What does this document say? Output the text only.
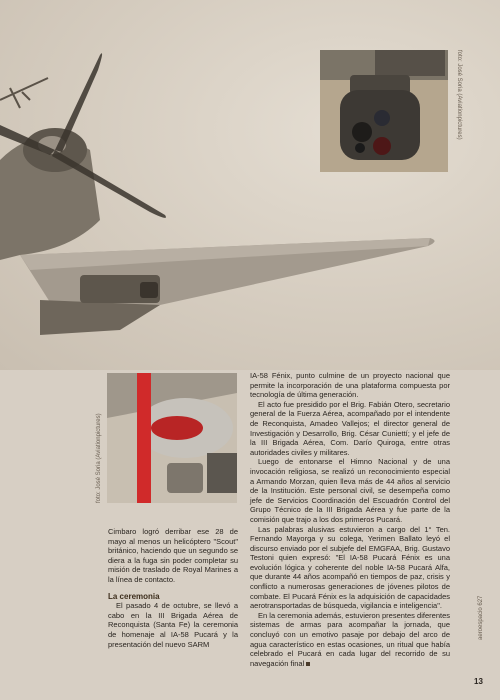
foto: José Soria (Aviationpictures)
foto: José Soria (Aviationpictures)

Cimbaro logró derribar ese 28 de mayo al menos un helicóptero "Scout" británico, haciendo que un segundo se diera a la fuga sin poder completar su misión de traslado de Royal Marines a la línea de contacto.

La ceremonia

El pasado 4 de octubre, se llevó a cabo en la III Brigada Aérea de Reconquista (Santa Fe) la ceremonia de homenaje al IA-58 Pucará y la presentación del nuevo SARM

IA-58 Fénix, punto culmine de un proyecto nacional que permite la incorporación de una plataforma compuesta por tecnología de última generación.

El acto fue presidido por el Brig. Fabián Otero, secretario general de la Fuerza Aérea, acompañado por el intendente de Reconquista, Amadeo Vallejos; el director general de Investigación y Desarrollo, Brig. César Cuniettí; y el jefe de la III Brigada Aérea, Com. Darío Quiroga, entre otras autoridades civiles y militares.

Luego de entonarse el Himno Nacional y de una invocación religiosa, se realizó un reconocimiento especial a Armando Morzan, quien lleva más de 44 años al servicio de la Institución. Este personal civil, se desempeña como jefe de Servicios Coordinación del Escuadrón Control del Grupo Técnico de la III Brigada Aérea y fue parte de la comisión que trajo a los dos primeros Pucará.

Las palabras alusivas estuvieron a cargo del 1° Ten. Fernando Mayorga y su colega, Yerimen Ballato leyó el discurso enviado por el subjefe del EMGFAA, Brig. Gustavo Testoni quien expresó: "El IA-58 Pucará Fénix es una evolución lógica y coherente del noble IA-58 Pucará Alfa, que durante 44 años acompañó en tiempos de paz, crisis y conflicto a numerosas generaciones de jóvenes pilotos de combate. El Pucará Fénix es la adquisición de capacidades aerotransportadas de búsqueda, vigilancia e inteligencia".

En la ceremonia además, estuvieron presentes diferentes sistemas de armas para acompañar la jornada, que concluyó con un emotivo pasaje por debajo del arco de agua característico en estas ocasiones, un ritual que había celebrado el Pucará en cada lugar del recorrido de su navegación final

aeroespacio 627
13
